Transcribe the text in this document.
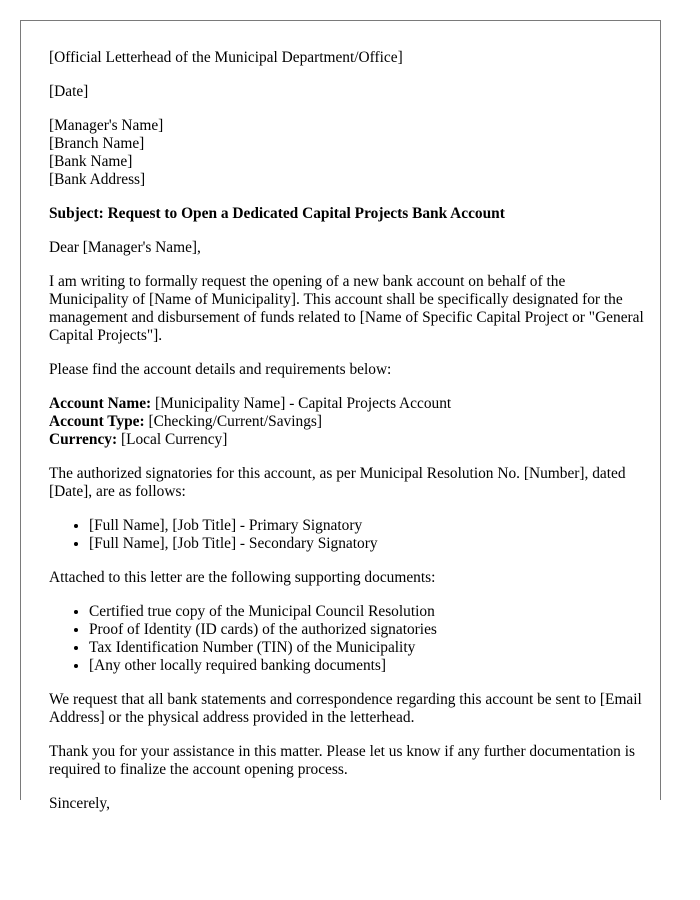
[Official Letterhead of the Municipal Department/Office]

[Date]

[Manager's Name]
[Branch Name]
[Bank Name]
[Bank Address]

Subject: Request to Open a Dedicated Capital Projects Bank Account

Dear [Manager's Name],

I am writing to formally request the opening of a new bank account on behalf of the Municipality of [Name of Municipality]. This account shall be specifically designated for the management and disbursement of funds related to [Name of Specific Capital Project or "General Capital Projects"].

Please find the account details and requirements below:

Account Name: [Municipality Name] - Capital Projects Account
Account Type: [Checking/Current/Savings]
Currency: [Local Currency]

The authorized signatories for this account, as per Municipal Resolution No. [Number], dated [Date], are as follows:

• [Full Name], [Job Title] - Primary Signatory
• [Full Name], [Job Title] - Secondary Signatory

Attached to this letter are the following supporting documents:

• Certified true copy of the Municipal Council Resolution
• Proof of Identity (ID cards) of the authorized signatories
• Tax Identification Number (TIN) of the Municipality
• [Any other locally required banking documents]

We request that all bank statements and correspondence regarding this account be sent to [Email Address] or the physical address provided in the letterhead.

Thank you for your assistance in this matter. Please let us know if any further documentation is required to finalize the account opening process.

Sincerely,
